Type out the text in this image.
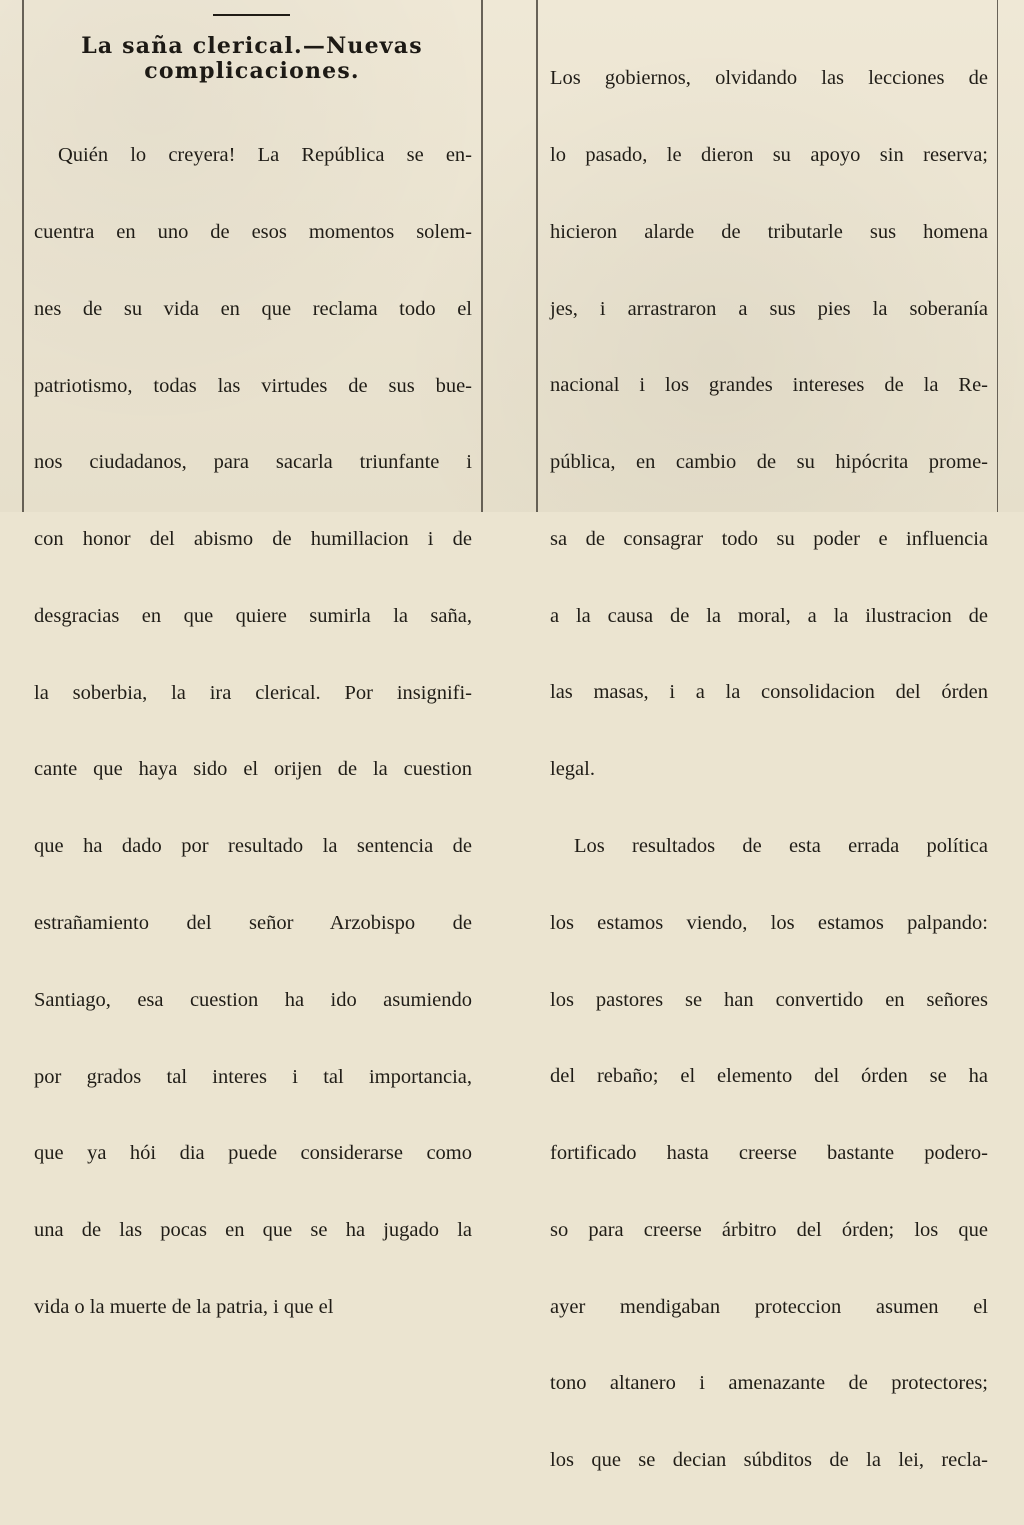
La saña clerical.—Nuevas
complicaciones.

Quién lo creyera! La República se en-

cuentra en uno de esos momentos solem-

nes de su vida en que reclama todo el

patriotismo, todas las virtudes de sus bue-

nos ciudadanos, para sacarla triunfante i

con honor del abismo de humillacion i de

desgracias en que quiere sumirla la saña,

la soberbia, la ira clerical. Por insignifi-

cante que haya sido el orijen de la cuestion

que ha dado por resultado la sentencia de

estrañamiento del señor Arzobispo de

Santiago, esa cuestion ha ido asumiendo

por grados tal interes i tal importancia,

que ya hói dia puede considerarse como

una de las pocas en que se ha jugado la

vida o la muerte de la patria, i que el

Los gobiernos, olvidando las lecciones de

lo pasado, le dieron su apoyo sin reserva;

hicieron alarde de tributarle sus homena

jes, i arrastraron a sus pies la soberanía

nacional i los grandes intereses de la Re-

pública, en cambio de su hipócrita prome-

sa de consagrar todo su poder e influencia

a la causa de la moral, a la ilustracion de

las masas, i a la consolidacion del órden

legal.

Los resultados de esta errada política

los estamos viendo, los estamos palpando:

los pastores se han convertido en señores

del rebaño; el elemento del órden se ha

fortificado hasta creerse bastante podero-

so para creerse árbitro del órden; los que

ayer mendigaban proteccion asumen el

tono altanero i amenazante de protectores;

los que se decian súbditos de la lei, recla-
